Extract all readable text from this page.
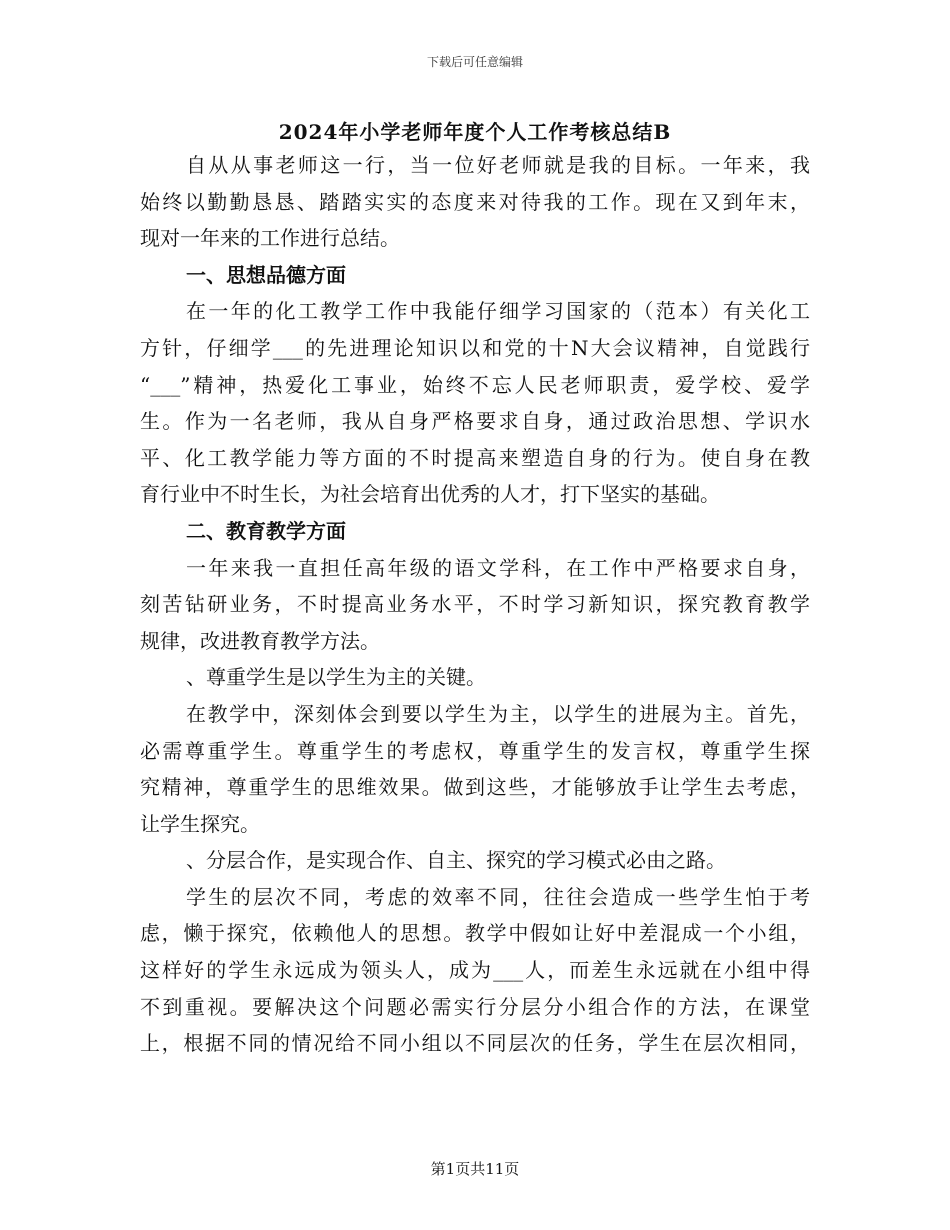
下载后可任意编辑
2024年小学老师年度个人工作考核总结B
自从从事老师这一行，当一位好老师就是我的目标。一年来，我
始终以勤勤恳恳、踏踏实实的态度来对待我的工作。现在又到年末，
现对一年来的工作进行总结。
一、思想品德方面
在一年的化工教学工作中我能仔细学习国家的（范本）有关化工
方针，仔细学___的先进理论知识以和党的十N大会议精神，自觉践行
“___”精神，热爱化工事业，始终不忘人民老师职责，爱学校、爱学
生。作为一名老师，我从自身严格要求自身，通过政治思想、学识水
平、化工教学能力等方面的不时提高来塑造自身的行为。使自身在教
育行业中不时生长，为社会培育出优秀的人才，打下坚实的基础。
二、教育教学方面
一年来我一直担任高年级的语文学科，在工作中严格要求自身，
刻苦钻研业务，不时提高业务水平，不时学习新知识，探究教育教学
规律，改进教育教学方法。
、尊重学生是以学生为主的关键。
在教学中，深刻体会到要以学生为主，以学生的进展为主。首先，
必需尊重学生。尊重学生的考虑权，尊重学生的发言权，尊重学生探
究精神，尊重学生的思维效果。做到这些，才能够放手让学生去考虑，
让学生探究。
、分层合作，是实现合作、自主、探究的学习模式必由之路。
学生的层次不同，考虑的效率不同，往往会造成一些学生怕于考
虑，懒于探究，依赖他人的思想。教学中假如让好中差混成一个小组，
这样好的学生永远成为领头人，成为___人，而差生永远就在小组中得
不到重视。要解决这个问题必需实行分层分小组合作的方法，在课堂
上，根据不同的情况给不同小组以不同层次的任务，学生在层次相同，
第1页共11页
